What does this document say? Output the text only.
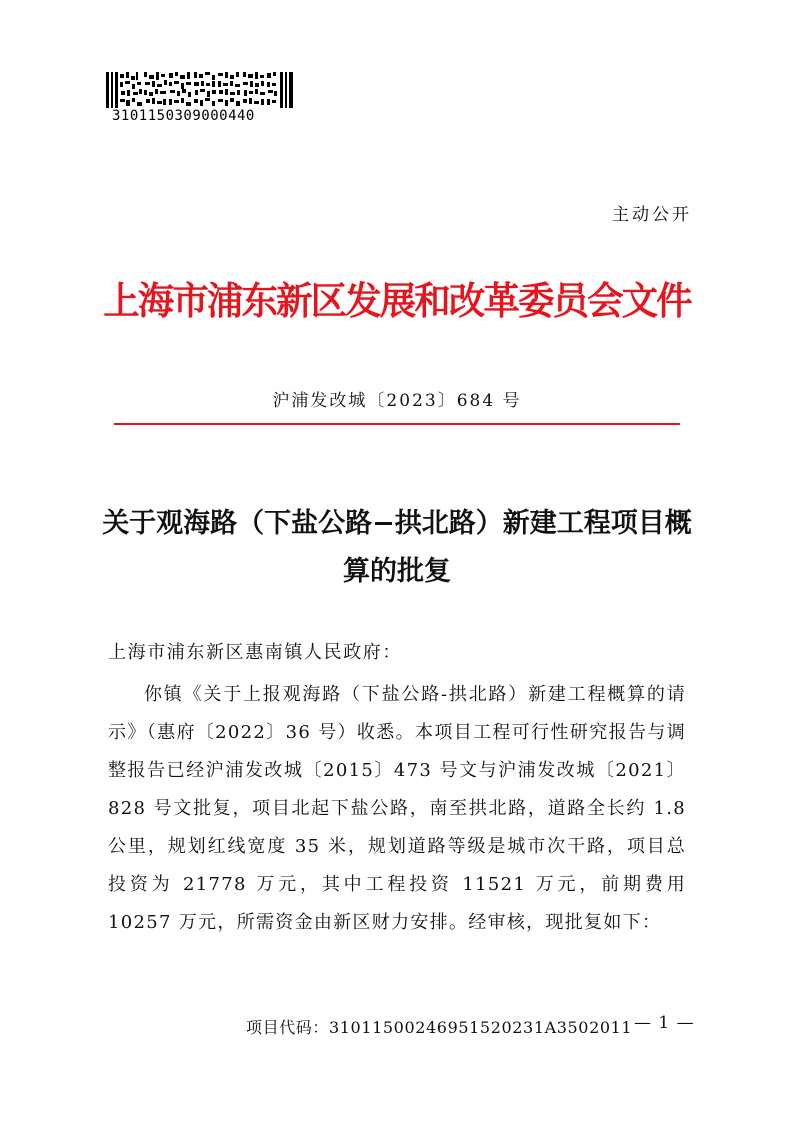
310115030900044​0
主动公开
上海市浦东新区发展和改革委员会文件
沪浦发改城〔2023〕684 号
关于观海路（下盐公路−拱北路）新建工程项目概算的批复
上海市浦东新区惠南镇人民政府：

你镇《关于上报观海路（下盐公路-拱北路）新建工程概算的请示》（惠府〔2022〕36 号）收悉。本项目工程可行性研究报告与调整报告已经沪浦发改城〔2015〕473 号文与沪浦发改城〔2021〕828 号文批复，项目北起下盐公路，南至拱北路，道路全长约 1.8 公里，规划红线宽度 35 米，规划道路等级是城市次干路，项目总投资为 21778 万元，其中工程投资 11521 万元，前期费用 10257 万元，所需资金由新区财力安排。经审核，现批复如下：

项目代码：310115002469515202​31A3502011 — 1 —
